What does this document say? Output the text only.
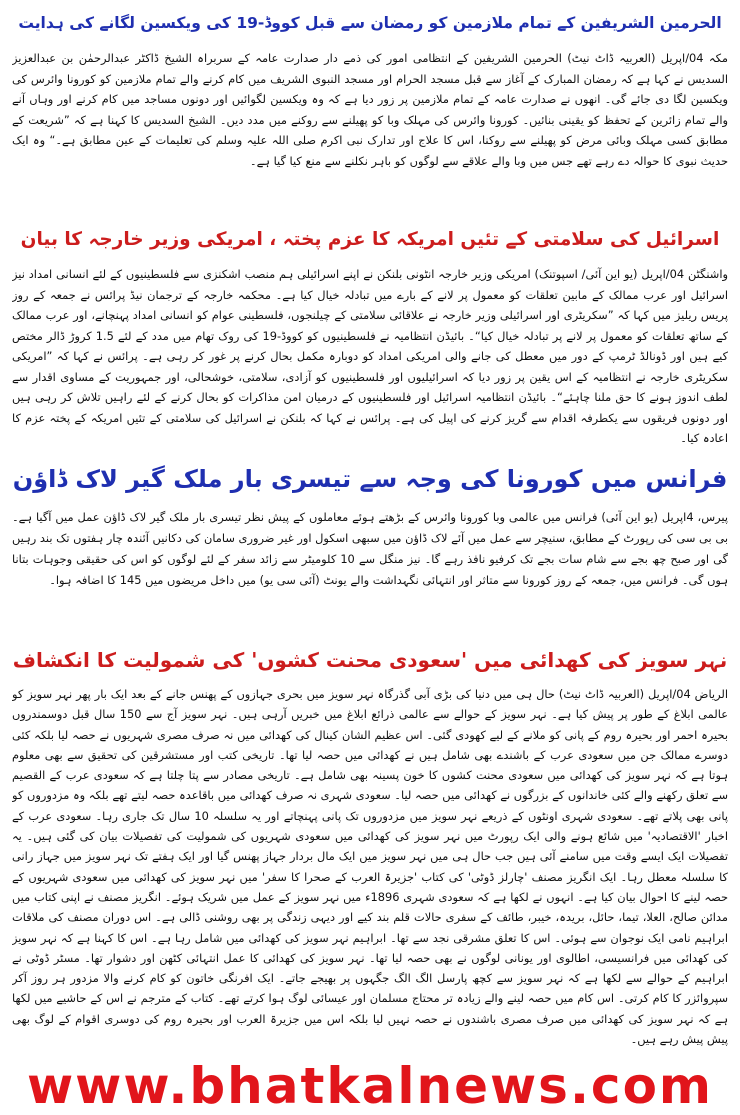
الحرمین الشریفین کے تمام ملازمین کو رمضان سے قبل کووڈ-19 کی ویکسین لگانے کی ہدایت

مکہ 04/اپریل (العربیہ ڈاٹ نیٹ) الحرمین الشریفین کے انتظامی امور کی ذمے دار صدارت عامہ کے سربراہ الشیخ ڈاکٹر عبدالرحمٰن بن عبدالعزیز السدیس نے کہا ہے کہ رمضان المبارک کے آغاز سے قبل مسجد الحرام اور مسجد النبوی الشریف میں کام کرنے والے تمام ملازمین کو کورونا وائرس کی ویکسین لگا دی جائے گی۔ انھوں نے صدارت عامہ کے تمام ملازمین پر زور دیا ہے کہ وہ ویکسین لگوائیں اور دونوں مساجد میں کام کرنے اور وہاں آنے والے تمام زائرین کے تحفظ کو یقینی بنائیں۔ کورونا وائرس کی مہلک وبا کو پھیلنے سے روکنے میں مدد دیں۔ الشیخ السدیس کا کہنا ہے کہ ”شریعت کے مطابق کسی مہلک وبائی مرض کو پھیلنے سے روکنا، اس کا علاج اور تدارک نبی اکرم صلی اللہ علیہ وسلم کی تعلیمات کے عین مطابق ہے۔“ وہ ایک حدیث نبوی کا حوالہ دے رہے تھے جس میں وبا والے علاقے سے لوگوں کو باہر نکلنے سے منع کیا گیا ہے۔

اسرائیل کی سلامتی کے تئیں امریکہ کا عزم پختہ ، امریکی وزیر خارجہ کا بیان

واشنگٹن 04/اپریل (یو این آئی/ اسپوتنک) امریکی وزیر خارجہ انٹونی بلنکن نے اپنے اسرائیلی ہم منصب اشکنزی سے فلسطینیوں کے لئے انسانی امداد نیز اسرائیل اور عرب ممالک کے مابین تعلقات کو معمول پر لانے کے بارے میں تبادلہ خیال کیا ہے۔ محکمہ خارجہ کے ترجمان نیڈ پرائس نے جمعہ کے روز پریس ریلیز میں کہا کہ ”سکریٹری اور اسرائیلی وزیر خارجہ نے علاقائی سلامتی کے چیلنجوں، فلسطینی عوام کو انسانی امداد پہنچانے، اور عرب ممالک کے ساتھ تعلقات کو معمول پر لانے پر تبادلہ خیال کیا“۔ بائیڈن انتظامیہ نے فلسطینیوں کو کووڈ-19 کی روک تھام میں مدد کے لئے 1.5 کروڑ ڈالر مختص کیے ہیں اور ڈونالڈ ٹرمپ کے دور میں معطل کی جانے والی امریکی امداد کو دوبارہ مکمل بحال کرنے پر غور کر رہی ہے۔ پرائس نے کہا کہ ”امریکی سکریٹری خارجہ نے انتظامیہ کے اس یقین پر زور دیا کہ اسرائیلیوں اور فلسطینیوں کو آزادی، سلامتی، خوشحالی، اور جمہوریت کے مساوی اقدار سے لطف اندوز ہونے کا حق ملنا چاہئے“۔ بائیڈن انتظامیہ اسرائیل اور فلسطینیوں کے درمیان امن مذاکرات کو بحال کرنے کے لئے راہیں تلاش کر رہی ہیں اور دونوں فریقوں سے یکطرفہ اقدام سے گریز کرنے کی اپیل کی ہے۔ پرائس نے کہا کہ بلنکن نے اسرائیل کی سلامتی کے تئیں امریکہ کے پختہ عزم کا اعادہ کیا۔

فرانس میں کورونا کی وجہ سے تیسری بار ملک گیر لاک ڈاؤن

پیرس، 4اپریل (یو این آئی) فرانس میں عالمی وبا کورونا وائرس کے بڑھتے ہوئے معاملوں کے پیش نظر تیسری بار ملک گیر لاک ڈاؤن عمل میں آگیا ہے۔ بی بی سی کی رپورٹ کے مطابق، سنیچر سے عمل میں آئے لاک ڈاؤن میں سبھی اسکول اور غیر ضروری سامان کی دکانیں آئندہ چار ہفتوں تک بند رہیں گی اور صبح چھ بجے سے شام سات بجے تک کرفیو نافذ رہے گا۔ نیز منگل سے 10 کلومیٹر سے زائد سفر کے لئے لوگوں کو اس کی حقیقی وجوہات بتانا ہوں گی۔ فرانس میں، جمعہ کے روز کورونا سے متاثر اور انتہائی نگہداشت والے یونٹ (آئی سی یو) میں داخل مریضوں میں 145 کا اضافہ ہوا۔

نہر سویز کی کھدائی میں 'سعودی محنت کشوں' کی شمولیت کا انکشاف

الریاض 04/اپریل (العربیہ ڈاٹ نیٹ) حال ہی میں دنیا کی بڑی آبی گذرگاہ نہر سویز میں بحری جہازوں کے پھنس جانے کے بعد ایک بار پھر نہر سویز کو عالمی ابلاغ کے طور پر پیش کیا ہے۔ نہر سویز کے حوالے سے عالمی ذرائع ابلاغ میں خبریں آرہی ہیں۔ نہر سویز آج سے 150 سال قبل دوسمندروں بحیرہ احمر اور بحیرہ روم کے پانی کو ملانے کے لیے کھودی گئی۔ اس عظیم الشان کینال کی کھدائی میں نہ صرف مصری شہریوں نے حصہ لیا بلکہ کئی دوسرے ممالک جن میں سعودی عرب کے باشندے بھی شامل ہیں نے کھدائی میں حصہ لیا تھا۔ تاریخی کتب اور مستشرقین کی تحقیق سے بھی معلوم ہوتا ہے کہ نہر سویز کی کھدائی میں سعودی محنت کشوں کا خون پسینہ بھی شامل ہے۔ تاریخی مصادر سے پتا چلتا ہے کہ سعودی عرب کے القصیم سے تعلق رکھنے والے کئی خاندانوں کے بزرگوں نے کھدائی میں حصہ لیا۔ سعودی شہری نہ صرف کھدائی میں باقاعدہ حصہ لیتے تھے بلکہ وہ مزدوروں کو پانی بھی پلاتے تھے۔ سعودی شہری اونٹوں کے ذریعے نہر سویز میں مزدوروں تک پانی پہنچاتے اور یہ سلسلہ 10 سال تک جاری رہا۔ سعودی عرب کے اخبار 'الاقتصادیہ' میں شائع ہونے والی ایک رپورٹ میں نہر سویز کی کھدائی میں سعودی شہریوں کی شمولیت کی تفصیلات بیان کی گئی ہیں۔ یہ تفصیلات ایک ایسے وقت میں سامنے آئی ہیں جب حال ہی میں نہر سویز میں ایک مال بردار جہاز پھنس گیا اور ایک ہفتے تک نہر سویز میں جہاز رانی کا سلسلہ معطل رہا۔ ایک انگریز مصنف 'چارلز ڈوٹی' کی کتاب 'جزیرۃ العرب کے صحرا کا سفر' میں نہر سویز کی کھدائی میں سعودی شہریوں کے حصہ لینے کا احوال بیان کیا ہے۔ انہوں نے لکھا ہے کہ سعودی شہری 1896ء میں نہر سویز کے عمل میں شریک ہوئے۔ انگریز مصنف نے اپنی کتاب میں مدائن صالح، العلا، تیما، حائل، بریدہ، خیبر، طائف کے سفری حالات قلم بند کیے اور دیہی زندگی پر بھی روشنی ڈالی ہے۔ اس دوران مصنف کی ملاقات ابراہیم نامی ایک نوجوان سے ہوئی۔ اس کا تعلق مشرقی نجد سے تھا۔ ابراہیم نہر سویز کی کھدائی میں شامل رہا ہے۔ اس کا کہنا ہے کہ نہر سویز کی کھدائی میں فرانسیسی، اطالوی اور یونانی لوگوں نے بھی حصہ لیا تھا۔ نہر سویز کی کھدائی کا عمل انتہائی کٹھن اور دشوار تھا۔ مسٹر ڈوٹی نے ابراہیم کے حوالے سے لکھا ہے کہ نہر سویز سے کچھ پارسل الگ الگ جگہوں پر بھیجے جاتے۔ ایک افرنگی خاتون کو کام کرنے والا مزدور ہر روز آکر سپروائزر کا کام کرتی۔ اس کام میں حصہ لینے والے زیادہ تر محتاج مسلمان اور عیسائی لوگ ہوا کرتے تھے۔ کتاب کے مترجم نے اس کے حاشیے میں لکھا ہے کہ نہر سویز کی کھدائی میں صرف مصری باشندوں نے حصہ نہیں لیا بلکہ اس میں جزیرۃ العرب اور بحیرہ روم کی دوسری اقوام کے لوگ بھی پیش پیش رہے ہیں۔

www.bhatkalnews.com
